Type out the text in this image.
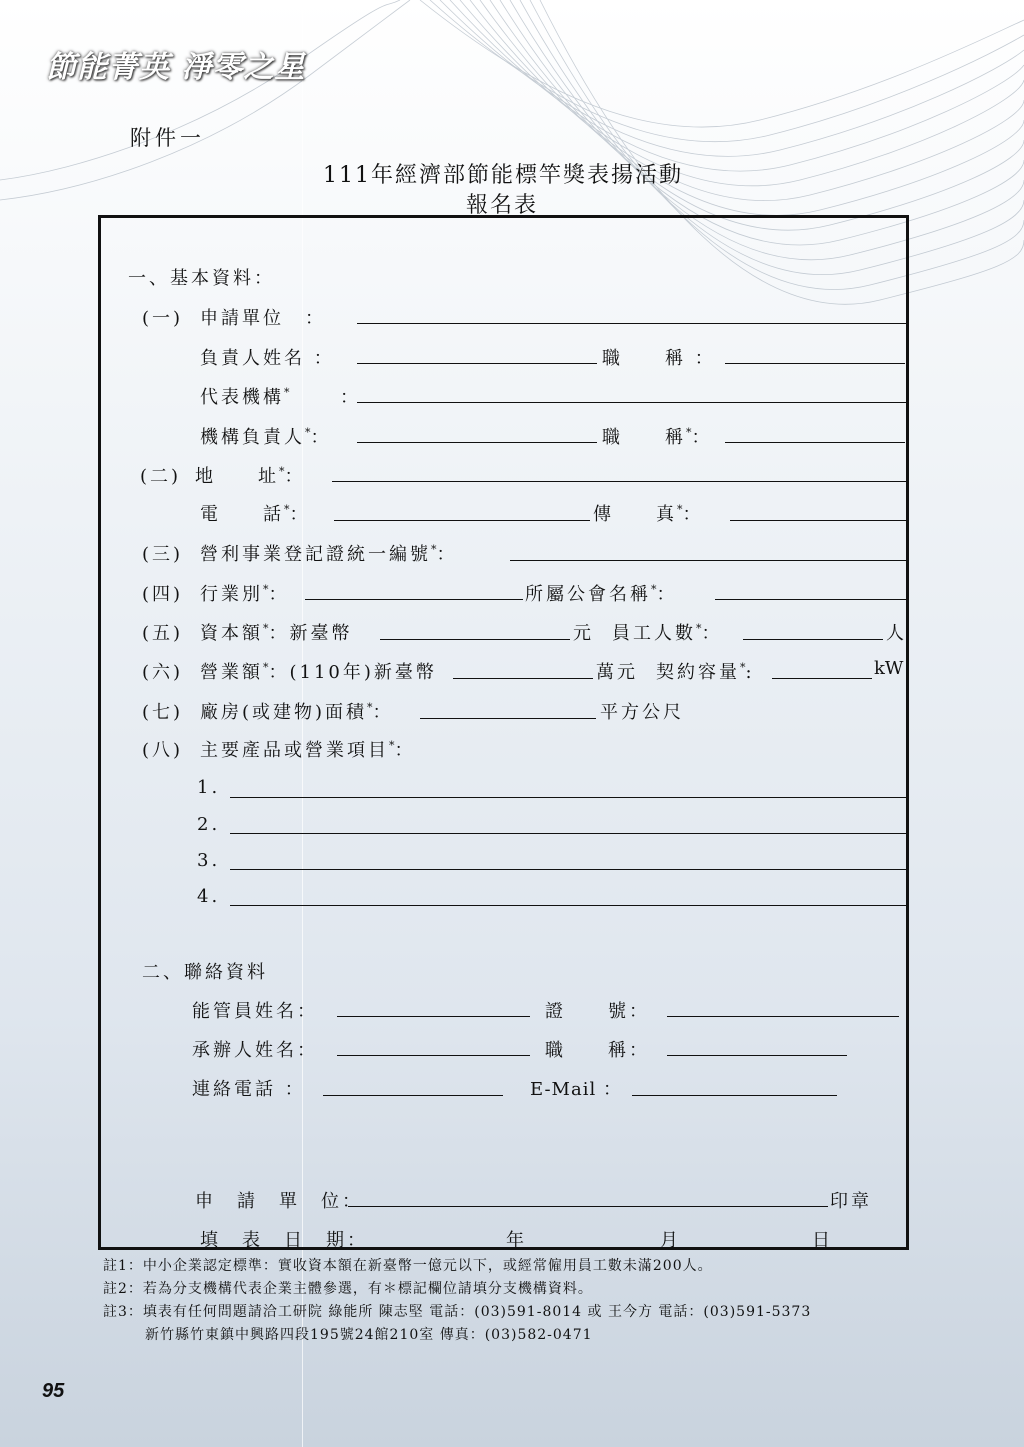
節能菁英 淨零之星
附件一
111年經濟部節能標竿獎表揚活動
報名表
一、基本資料：
(一) 申請單位　：
負責人姓名 ：	職　　稱 ：
代表機構*	：
機構負責人*：	職　　稱*：
(二) 地　　址*：
電　　話*：	傳　　真*：
(三) 營利事業登記證統一編號*：
(四) 行業別*：	所屬公會名稱*：
(五) 資本額*：新臺幣	元 員工人數*：	人
(六) 營業額*：(110年)新臺幣	萬元 契約容量*:	kW
(七) 廠房(或建物)面積*：	平方公尺
(八) 主要產品或營業項目*：
1.
2.
3.
4.
二、聯絡資料
能管員姓名：	證　　號：
承辦人姓名：	職　　稱：
連絡電話 ：	E-Mail ：
申　請　單　位：	印章
填　表　日　期：	年	月	日
註1：中小企業認定標準：實收資本額在新臺幣一億元以下，或經常僱用員工數未滿200人。
註2：若為分支機構代表企業主體參選，有＊標記欄位請填分支機構資料。
註3：填表有任何問題請洽工研院 綠能所 陳志堅 電話：(03)591-8014 或 王今方 電話：(03)591-5373
新竹縣竹東鎮中興路四段195號24館210室 傳真：(03)582-0471
95
